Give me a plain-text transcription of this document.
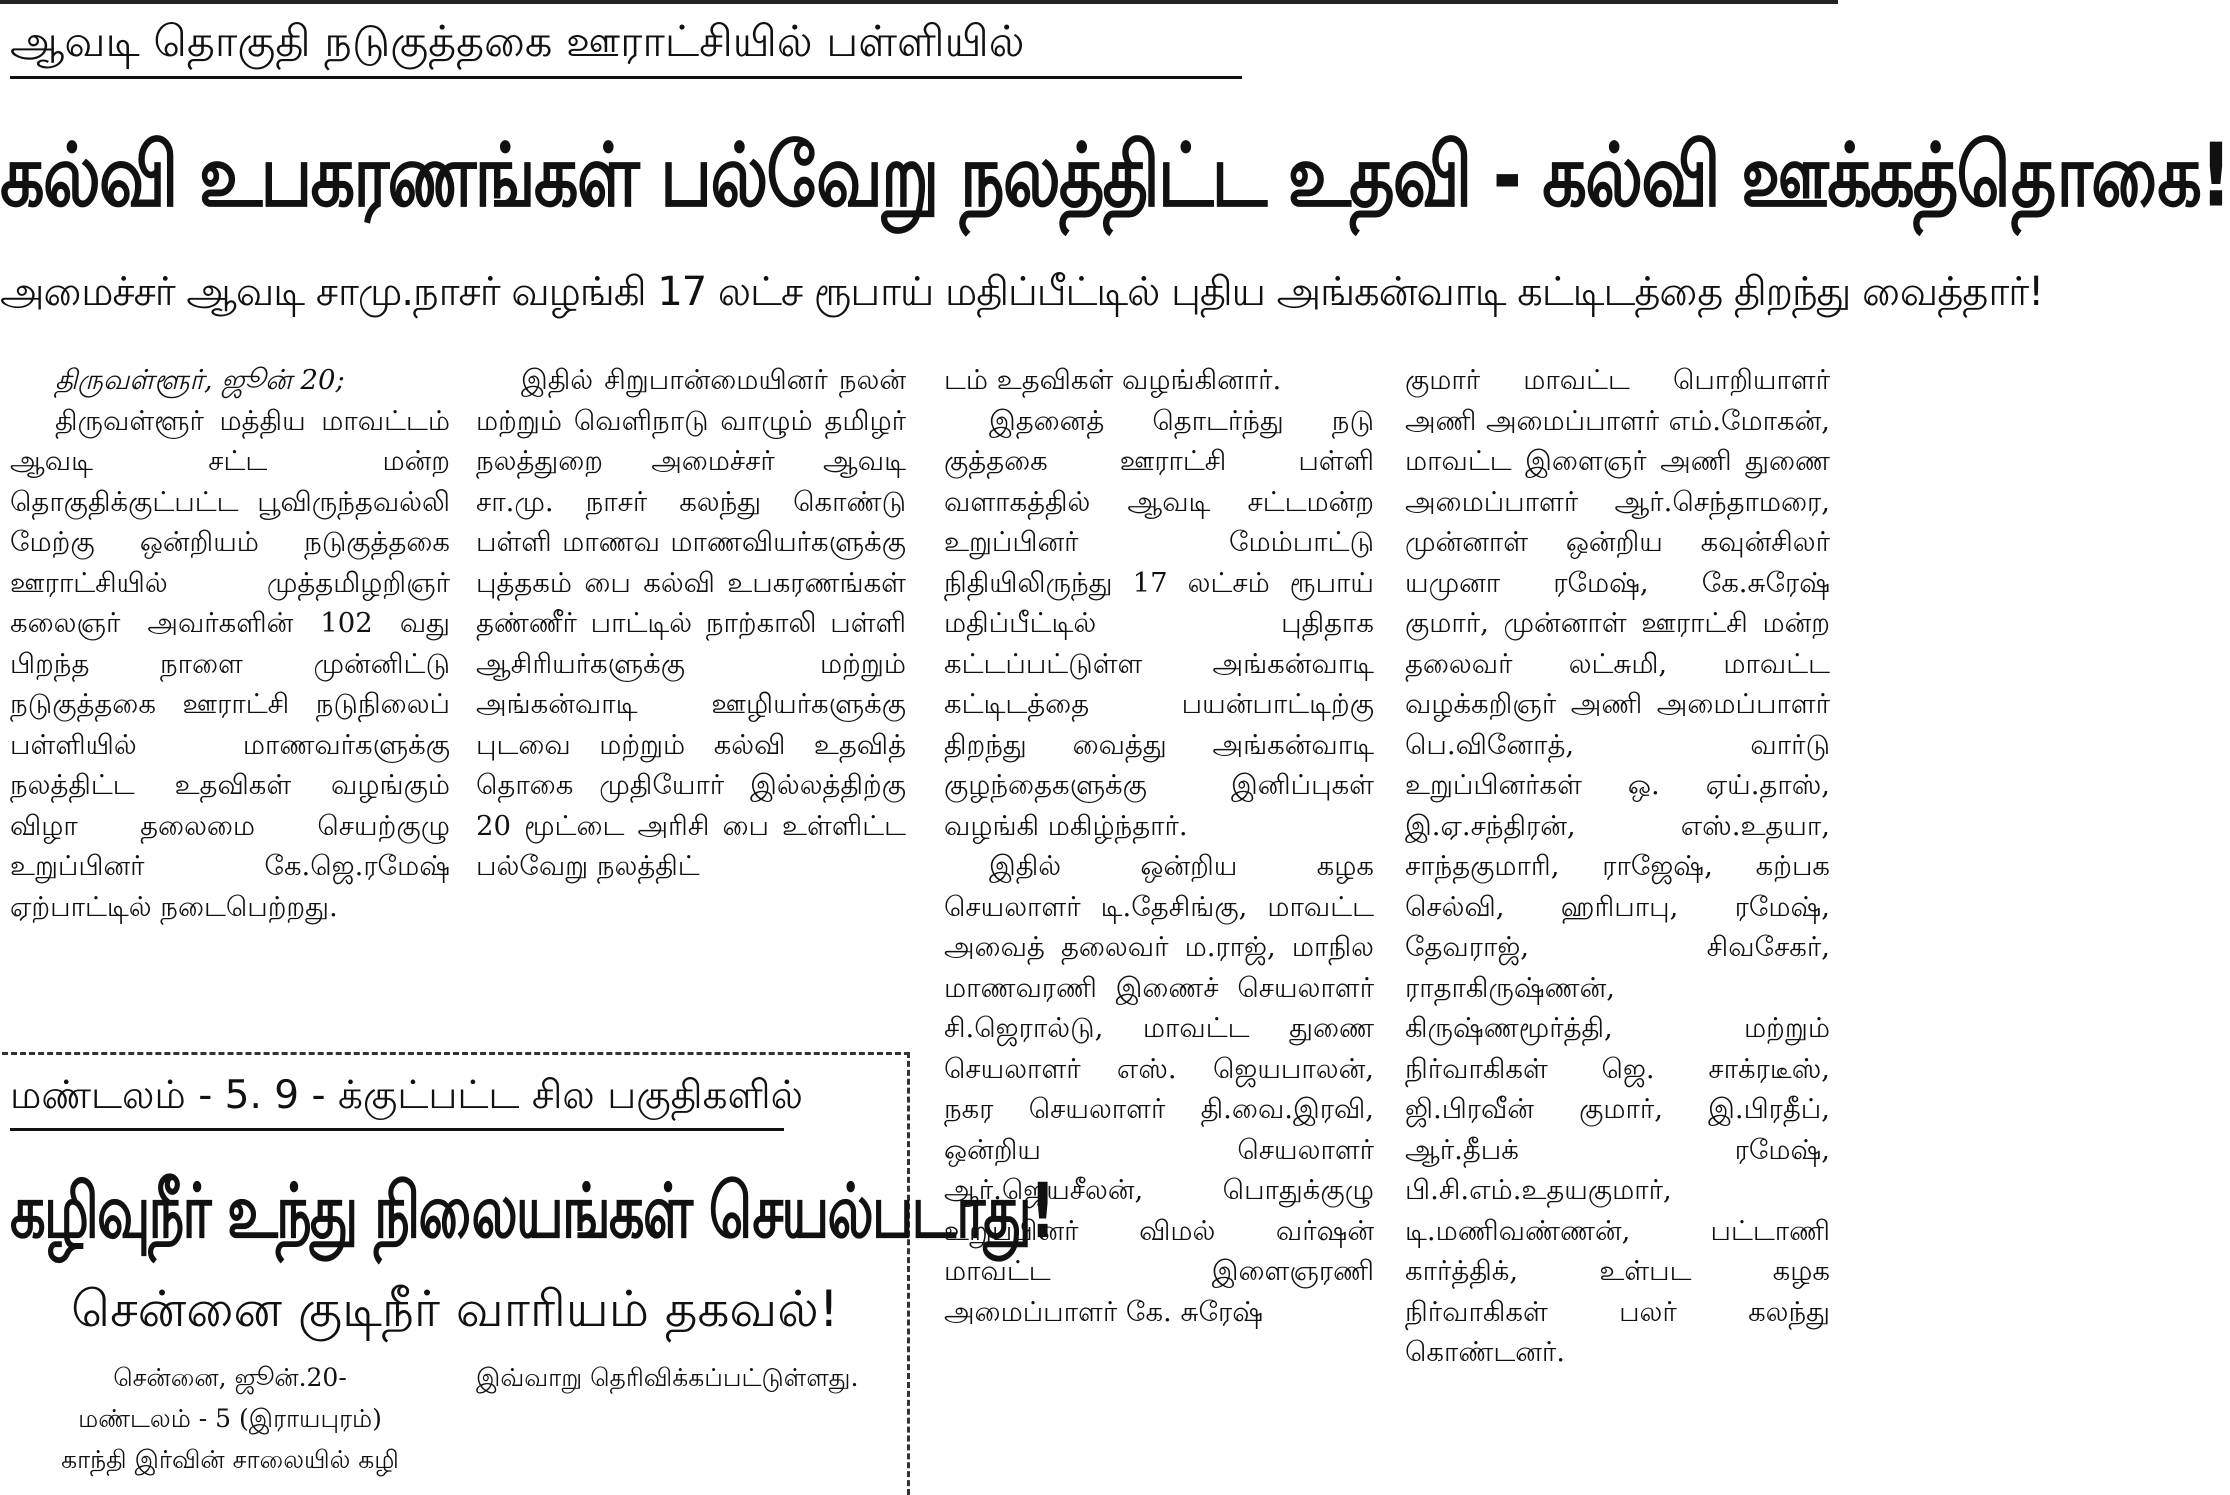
ஆவடி தொகுதி நடுகுத்தகை ஊராட்சியில் பள்ளியில்
கல்வி உபகரணங்கள் பல்வேறு நலத்திட்ட உதவி - கல்வி ஊக்கத்தொகை!
அமைச்சர் ஆவடி சாமு.நாசர் வழங்கி 17 லட்ச ரூபாய் மதிப்பீட்டில் புதிய அங்கன்வாடி கட்டிடத்தை திறந்து வைத்தார்!

திருவள்ளூர், ஜூன் 20;

திருவள்ளூர் மத்திய மாவட்டம் ஆவடி சட்ட மன்ற தொகுதிக்குட்பட்ட பூவிருந்தவல்லி மேற்கு ஒன்றியம் நடுகுத்தகை ஊராட்சியில் முத்தமிழறிஞர் கலைஞர் அவர்களின் 102 வது பிறந்த நாளை முன்னிட்டு நடுகுத்தகை ஊராட்சி நடுநிலைப் பள்ளியில் மாணவர்களுக்கு நலத்திட்ட உதவிகள் வழங்கும் விழா தலைமை செயற்குழு உறுப்பினர் கே.ஜெ.ரமேஷ் ஏற்பாட்டில் நடைபெற்றது.

இதில் சிறுபான்மையினர் நலன் மற்றும் வெளிநாடு வாழும் தமிழர் நலத்துறை அமைச்சர் ஆவடி சா.மு. நாசர் கலந்து கொண்டு பள்ளி மாணவ மாணவியர்களுக்கு புத்தகம் பை கல்வி உபகரணங்கள் தண்ணீர் பாட்டில் நாற்காலி பள்ளி ஆசிரியர்களுக்கு மற்றும் அங்கன்வாடி ஊழியர்களுக்கு புடவை மற்றும் கல்வி உதவித் தொகை முதியோர் இல்லத்திற்கு 20 மூட்டை அரிசி பை உள்ளிட்ட பல்வேறு நலத்திட்

டம் உதவிகள் வழங்கினார்.

இதனைத் தொடர்ந்து நடு குத்தகை ஊராட்சி பள்ளி வளாகத்தில் ஆவடி சட்டமன்ற உறுப்பினர் மேம்பாட்டு நிதியிலிருந்து 17 லட்சம் ரூபாய் மதிப்பீட்டில் புதிதாக கட்டப்பட்டுள்ள அங்கன்வாடி கட்டிடத்தை பயன்பாட்டிற்கு திறந்து வைத்து அங்கன்வாடி குழந்தைகளுக்கு இனிப்புகள் வழங்கி மகிழ்ந்தார்.

இதில் ஒன்றிய கழக செயலாளர் டி.தேசிங்கு, மாவட்ட அவைத் தலைவர் ம.ராஜ், மாநில மாணவரணி இணைச் செயலாளர் சி.ஜெரால்டு, மாவட்ட துணை செயலாளர் எஸ். ஜெயபாலன், நகர செயலாளர் தி.வை.இரவி, ஒன்றிய செயலாளர் ஆர்.ஜெயசீலன், பொதுக்குழு உறுப்பினர் விமல் வர்ஷன் மாவட்ட இளைஞரணி அமைப்பாளர் கே. சுரேஷ்

குமார் மாவட்ட பொறியாளர் அணி அமைப்பாளர் எம்.மோகன், மாவட்ட இளைஞர் அணி துணை அமைப்பாளர் ஆர்.செந்தாமரை, முன்னாள் ஒன்றிய கவுன்சிலர் யமுனா ரமேஷ், கே.சுரேஷ் குமார், முன்னாள் ஊராட்சி மன்ற தலைவர் லட்சுமி, மாவட்ட வழக்கறிஞர் அணி அமைப்பாளர் பெ.வினோத், வார்டு உறுப்பினர்கள் ஒ. ஏய்.தாஸ், இ.ஏ.சந்திரன், எஸ்.உதயா, சாந்தகுமாரி, ராஜேஷ், கற்பக செல்வி, ஹரிபாபு, ரமேஷ், தேவராஜ், சிவசேகர், ராதாகிருஷ்ணன், கிருஷ்ணமூர்த்தி, மற்றும் நிர்வாகிகள் ஜெ. சாக்ரடீஸ், ஜி.பிரவீன் குமார், இ.பிரதீப், ஆர்.தீபக் ரமேஷ், பி.சி.எம்.உதயகுமார், டி.மணிவண்ணன், பட்டாணி கார்த்திக், உள்பட கழக நிர்வாகிகள் பலர் கலந்து கொண்டனர்.

மண்டலம் - 5. 9 - க்குட்பட்ட சில பகுதிகளில்
கழிவுநீர் உந்து நிலையங்கள் செயல்படாது!
சென்னை குடிநீர் வாரியம் தகவல்!

சென்னை, ஜூன்.20-

மண்டலம் - 5 (இராயபுரம்)

காந்தி இர்வின் சாலையில் கழி

இவ்வாறு தெரிவிக்கப்பட்டுள்ளது.
